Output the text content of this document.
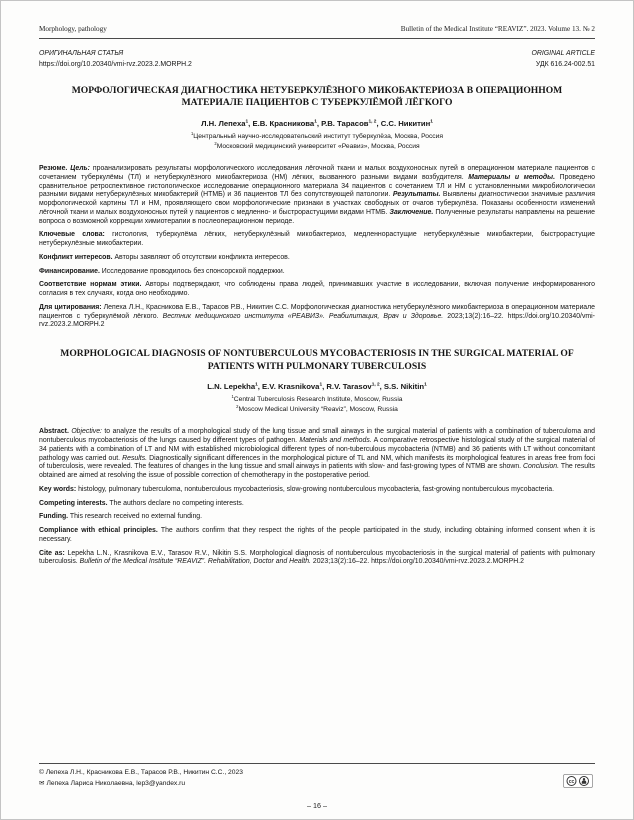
Morphology, pathology	Bulletin of the Medical Institute “REAVIZ”. 2023. Volume 13. № 2
ОРИГИНАЛЬНАЯ СТАТЬЯ
https://doi.org/10.20340/vmi-rvz.2023.2.MORPH.2
ORIGINAL ARTICLE
УДК 616.24-002.51
МОРФОЛОГИЧЕСКАЯ ДИАГНОСТИКА НЕТУБЕРКУЛЁЗНОГО МИКОБАКТЕРИОЗА В ОПЕРАЦИОННОМ МАТЕРИАЛЕ ПАЦИЕНТОВ С ТУБЕРКУЛЁМОЙ ЛЁГКОГО
Л.Н. Лепеха$^1$, Е.В. Красникова$^1$, Р.В. Тарасов$^{1, 2}$, С.С. Никитин$^1$
$^1$Центральный научно-исследовательский институт туберкулёза, Москва, Россия
$^2$Московский медицинский университет «Реавиз», Москва, Россия
Резюме. Цель: проанализировать результаты морфологического исследования лёгочной ткани и малых воздухоносных путей в операционном материале пациентов с сочетанием туберкулёмы (ТЛ) и нетуберкулёзного микобактериоза (НМ) лёгких, вызванного разными видами возбудителя. Материалы и методы. Проведено сравнительное ретроспективное гистологическое исследование операционного материала 34 пациентов с сочетанием ТЛ и НМ с установленными микробиологически разными видами нетуберкулёзных микобактерий (НТМБ) и 36 пациентов ТЛ без сопутствующей патологии. Результаты. Выявлены диагностически значимые различия морфологической картины ТЛ и НМ, проявляющего свои морфологические признаки в участках свободных от очагов туберкулёза. Показаны особенности изменений лёгочной ткани и малых воздухоносных путей у пациентов с медленно- и быстрорастущими видами НТМБ. Заключение. Полученные результаты направлены на решение вопроса о возможной коррекции химиотерапии в послеоперационном периоде.
Ключевые слова: гистология, туберкулёма лёгких, нетуберкулёзный микобактериоз, медленнорастущие нетуберкулёзные микобактерии, быстрорастущие нетуберкулёзные микобактерии.
Конфликт интересов. Авторы заявляют об отсутствии конфликта интересов.
Финансирование. Исследование проводилось без спонсорской поддержки.
Соответствие нормам этики. Авторы подтверждают, что соблюдены права людей, принимавших участие в исследовании, включая получение информированного согласия в тех случаях, когда оно необходимо.
Для цитирования: Лепеха Л.Н., Красникова Е.В., Тарасов Р.В., Никитин С.С. Морфологическая диагностика нетуберкулёзного микобактериоза в операционном материале пациентов с туберкулёмой лёгкого. Вестник медицинского института «РЕАВИЗ». Реабилитация, Врач и Здоровье. 2023;13(2):16–22. https://doi.org/10.20340/vmi-rvz.2023.2.MORPH.2
MORPHOLOGICAL DIAGNOSIS OF NONTUBERCULOUS MYCOBACTERIOSIS IN THE SURGICAL MATERIAL OF PATIENTS WITH PULMONARY TUBERCULOSIS
L.N. Lepekha$^1$, E.V. Krasnikova$^1$, R.V. Tarasov$^{1, 2}$, S.S. Nikitin$^1$
$^1$Central Tuberculosis Research Institute, Moscow, Russia
$^2$Moscow Medical University “Reaviz”, Moscow, Russia
Abstract. Objective: to analyze the results of a morphological study of the lung tissue and small airways in the surgical material of patients with a combination of tuberculoma and nontuberculous mycobacteriosis of the lungs caused by different types of pathogen. Materials and methods. A comparative retrospective histological study of the surgical material of 34 patients with a combination of LT and NM with established microbiological different types of non-tuberculous mycobacteria (NTMB) and 36 patients with LT without concomitant pathology was carried out. Results. Diagnostically significant differences in the morphological picture of TL and NM, which manifests its morphological features in areas free from foci of tuberculosis, were revealed. The features of changes in the lung tissue and small airways in patients with slow- and fast-growing types of NTMB are shown. Conclusion. The results obtained are aimed at resolving the issue of possible correction of chemotherapy in the postoperative period.
Key words: histology, pulmonary tuberculoma, nontuberculous mycobacteriosis, slow-growing nontuberculous mycobacteria, fast-growing nontuberculous mycobacteria.
Competing interests. The authors declare no competing interests.
Funding. This research received no external funding.
Compliance with ethical principles. The authors confirm that they respect the rights of the people participated in the study, including obtaining informed consent when it is necessary.
Cite as: Lepekha L.N., Krasnikova E.V., Tarasov R.V., Nikitin S.S. Morphological diagnosis of nontuberculous mycobacteriosis in the surgical material of patients with pulmonary tuberculosis. Bulletin of the Medical Institute “REAVIZ”. Rehabilitation, Doctor and Health. 2023;13(2):16–22. https://doi.org/10.20340/vmi-rvz.2023.2.MORPH.2
© Лепеха Л.Н., Красникова Е.В., Тарасов Р.В., Никитин С.С., 2023
✉ Лепеха Лариса Николаевна, lep3@yandex.ru	cc
– 16 –
